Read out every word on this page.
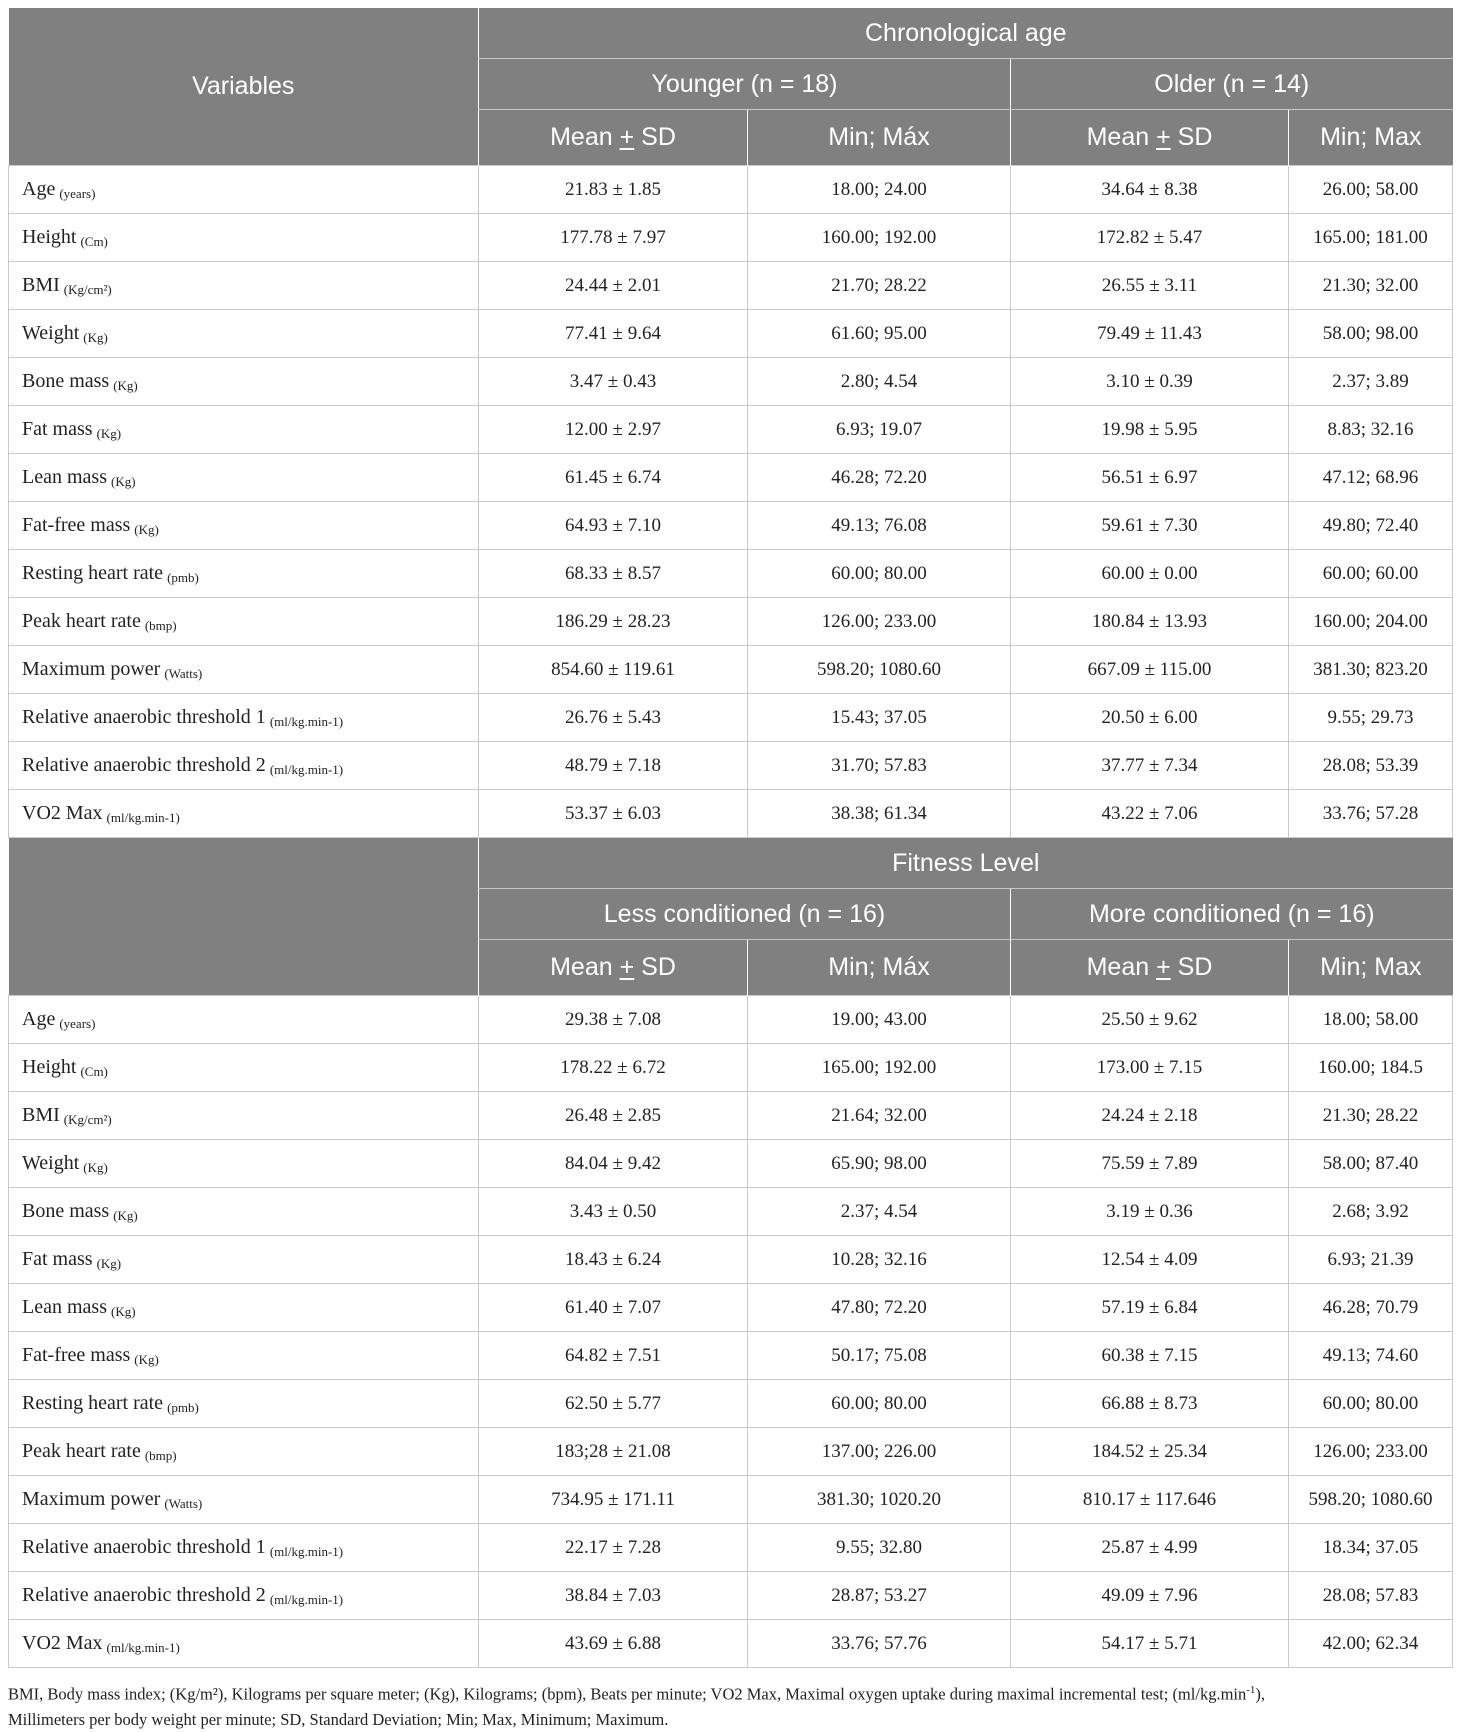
Variables	Chronological age			
	Younger (n = 18)		Older (n = 14)	
	Mean + SD	Min; Máx	Mean + SD	Min; Max
Age $_{(years)}$	21.83 ± 1.85	18.00; 24.00	34.64 ± 8.38	26.00; 58.00
Height $_{(Cm)}$	177.78 ± 7.97	160.00; 192.00	172.82 ± 5.47	165.00; 181.00
BMI $_{(Kg/cm^2)}$	24.44 ± 2.01	21.70; 28.22	26.55 ± 3.11	21.30; 32.00
Weight $_{(Kg)}$	77.41 ± 9.64	61.60; 95.00	79.49 ± 11.43	58.00; 98.00
Bone mass $_{(Kg)}$	3.47 ± 0.43	2.80; 4.54	3.10 ± 0.39	2.37; 3.89
Fat mass $_{(Kg)}$	12.00 ± 2.97	6.93; 19.07	19.98 ± 5.95	8.83; 32.16
Lean mass $_{(Kg)}$	61.45 ± 6.74	46.28; 72.20	56.51 ± 6.97	47.12; 68.96
Fat-free mass $_{(Kg)}$	64.93 ± 7.10	49.13; 76.08	59.61 ± 7.30	49.80; 72.40
Resting heart rate $_{(pmb)}$	68.33 ± 8.57	60.00; 80.00	60.00 ± 0.00	60.00; 60.00
Peak heart rate $_{(bmp)}$	186.29 ± 28.23	126.00; 233.00	180.84 ± 13.93	160.00; 204.00
Maximum power $_{(Watts)}$	854.60 ± 119.61	598.20; 1080.60	667.09 ± 115.00	381.30; 823.20
Relative anaerobic threshold 1 $_{(ml/kg.min-1)}$	26.76 ± 5.43	15.43; 37.05	20.50 ± 6.00	9.55; 29.73
Relative anaerobic threshold 2 $_{(ml/kg.min-1)}$	48.79 ± 7.18	31.70; 57.83	37.77 ± 7.34	28.08; 53.39
VO2 Max $_{(ml/kg.min-1)}$	53.37 ± 6.03	38.38; 61.34	43.22 ± 7.06	33.76; 57.28
	Fitness Level			
	Less conditioned (n = 16)		More conditioned (n = 16)	
	Mean + SD	Min; Máx	Mean + SD	Min; Max
Age $_{(years)}$	29.38 ± 7.08	19.00; 43.00	25.50 ± 9.62	18.00; 58.00
Height $_{(Cm)}$	178.22 ± 6.72	165.00; 192.00	173.00 ± 7.15	160.00; 184.5
BMI $_{(Kg/cm^2)}$	26.48 ± 2.85	21.64; 32.00	24.24 ± 2.18	21.30; 28.22
Weight $_{(Kg)}$	84.04 ± 9.42	65.90; 98.00	75.59 ± 7.89	58.00; 87.40
Bone mass $_{(Kg)}$	3.43 ± 0.50	2.37; 4.54	3.19 ± 0.36	2.68; 3.92
Fat mass $_{(Kg)}$	18.43 ± 6.24	10.28; 32.16	12.54 ± 4.09	6.93; 21.39
Lean mass $_{(Kg)}$	61.40 ± 7.07	47.80; 72.20	57.19 ± 6.84	46.28; 70.79
Fat-free mass $_{(Kg)}$	64.82 ± 7.51	50.17; 75.08	60.38 ± 7.15	49.13; 74.60
Resting heart rate $_{(pmb)}$	62.50 ± 5.77	60.00; 80.00	66.88 ± 8.73	60.00; 80.00
Peak heart rate $_{(bmp)}$	183;28 ± 21.08	137.00; 226.00	184.52 ± 25.34	126.00; 233.00
Maximum power $_{(Watts)}$	734.95 ± 171.11	381.30; 1020.20	810.17 ± 117.646	598.20; 1080.60
Relative anaerobic threshold 1 $_{(ml/kg.min-1)}$	22.17 ± 7.28	9.55; 32.80	25.87 ± 4.99	18.34; 37.05
Relative anaerobic threshold 2 $_{(ml/kg.min-1)}$	38.84 ± 7.03	28.87; 53.27	49.09 ± 7.96	28.08; 57.83
VO2 Max $_{(ml/kg.min-1)}$	43.69 ± 6.88	33.76; 57.76	54.17 ± 5.71	42.00; 62.34
BMI, Body mass index; (Kg/m²), Kilograms per square meter; (Kg), Kilograms; (bpm), Beats per minute; VO2 Max, Maximal oxygen uptake during maximal incremental test; $(ml/kg.\min^{-1})$,
Millimeters per body weight per minute; SD, Standard Deviation; Min; Max, Minimum; Maximum.
